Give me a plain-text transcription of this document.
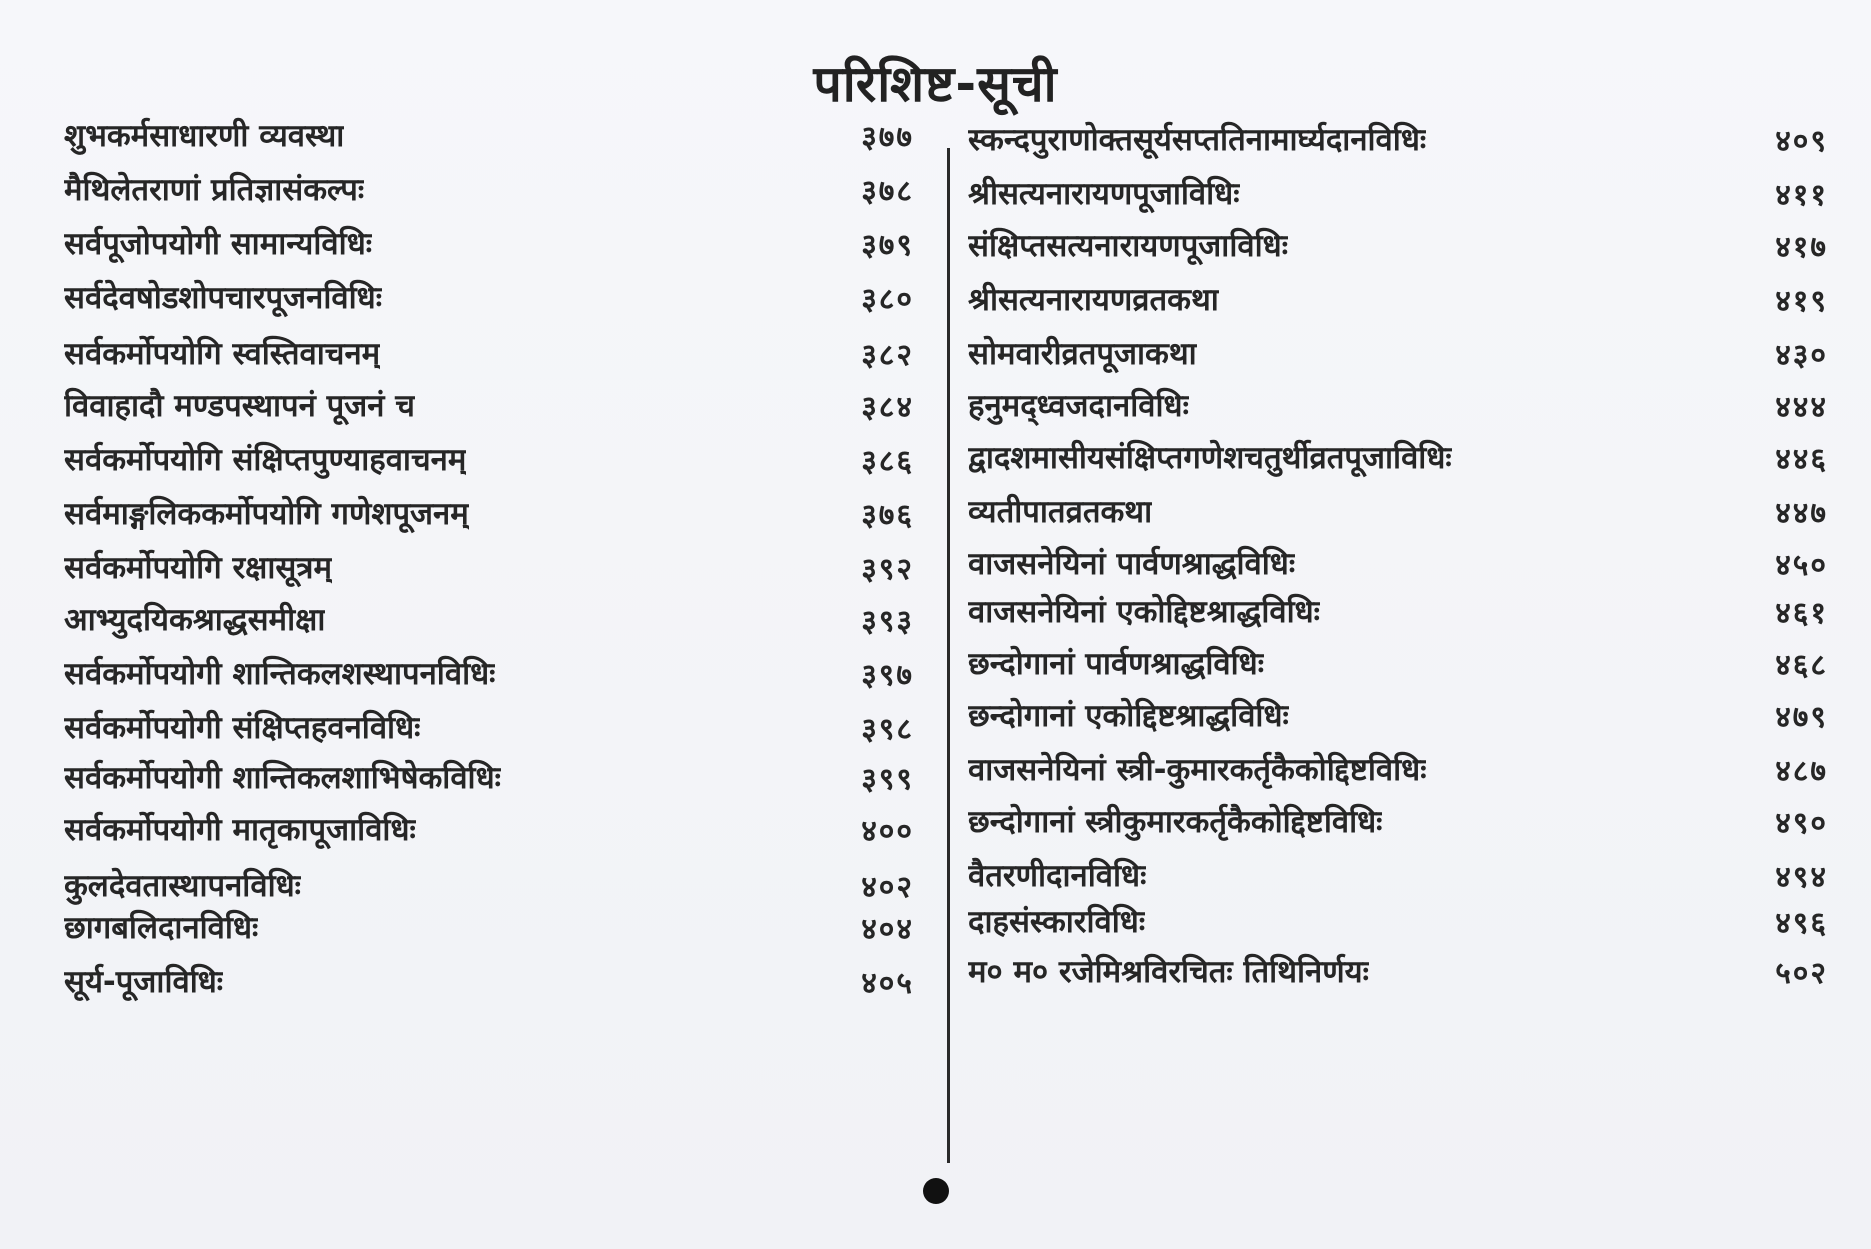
परिशिष्ट-सूची
शुभकर्मसाधारणी व्यवस्था	३७७
मैथिलेतराणां प्रतिज्ञासंकल्पः	३७८
सर्वपूजोपयोगी सामान्यविधिः	३७९
सर्वदेवषोडशोपचारपूजनविधिः	३८०
सर्वकर्मोपयोगि स्वस्तिवाचनम्	३८२
विवाहादौ मण्डपस्थापनं पूजनं च	३८४
सर्वकर्मोपयोगि संक्षिप्तपुण्याहवाचनम्	३८६
सर्वमाङ्गलिककर्मोपयोगि गणेशपूजनम्	३७६
सर्वकर्मोपयोगि रक्षासूत्रम्	३९२
आभ्युदयिकश्राद्धसमीक्षा	३९३
सर्वकर्मोपयोगी शान्तिकलशस्थापनविधिः	३९७
सर्वकर्मोपयोगी संक्षिप्तहवनविधिः	३९८
सर्वकर्मोपयोगी शान्तिकलशाभिषेकविधिः	३९९
सर्वकर्मोपयोगी मातृकापूजाविधिः	४००
कुलदेवतास्थापनविधिः	४०२
छागबलिदानविधिः	४०४
सूर्य-पूजाविधिः	४०५
स्कन्दपुराणोक्तसूर्यसप्ततिनामार्घ्यदानविधिः	४०९
श्रीसत्यनारायणपूजाविधिः	४११
संक्षिप्तसत्यनारायणपूजाविधिः	४१७
श्रीसत्यनारायणव्रतकथा	४१९
सोमवारीव्रतपूजाकथा	४३०
हनुमद्ध्वजदानविधिः	४४४
द्वादशमासीयसंक्षिप्तगणेशचतुर्थीव्रतपूजाविधिः	४४६
व्यतीपातव्रतकथा	४४७
वाजसनेयिनां पार्वणश्राद्धविधिः	४५०
वाजसनेयिनां एकोद्दिष्टश्राद्धविधिः	४६१
छन्दोगानां पार्वणश्राद्धविधिः	४६८
छन्दोगानां एकोद्दिष्टश्राद्धविधिः	४७९
वाजसनेयिनां स्त्री-कुमारकर्तृकैकोद्दिष्टविधिः	४८७
छन्दोगानां स्त्रीकुमारकर्तृकैकोद्दिष्टविधिः	४९०
वैतरणीदानविधिः	४९४
दाहसंस्कारविधिः	४९६
म० म० रजेमिश्रविरचितः तिथिनिर्णयः	५०२
